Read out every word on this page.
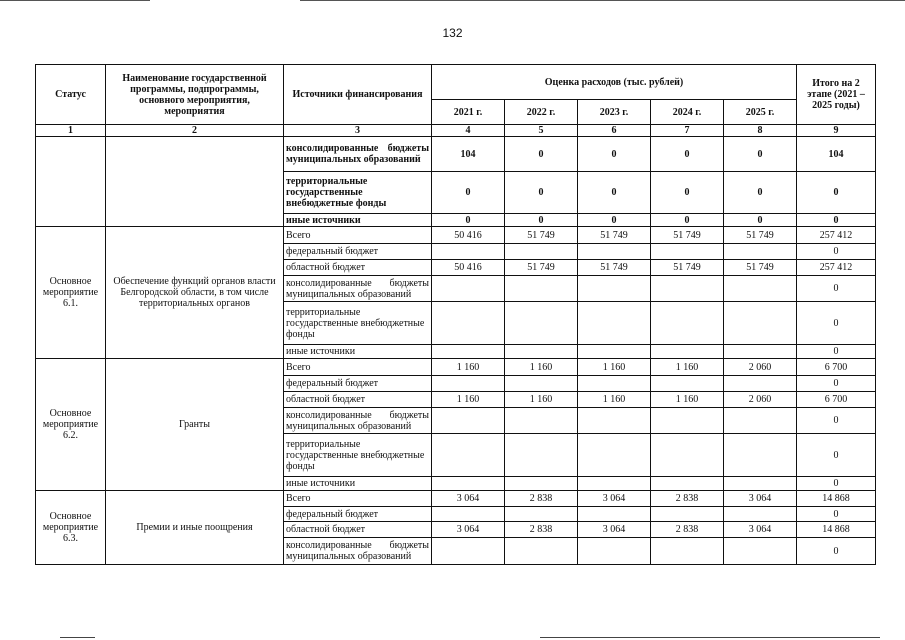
132
Статус	Наименование государственной программы, подпрограммы, основного мероприятия, мероприятия	Источники финансирования	Оценка расходов (тыс. рублей)					Итого на 2 этапе (2021 – 2025 годы)
			2021 г.	2022 г.	2023 г.	2024 г.	2025 г.	
1	2	3	4	5	6	7	8	9
		консолидированные бюджеты муниципальных образований	104	0	0	0	0	104
		территориальные государственные внебюджетные фонды	0	0	0	0	0	0
		иные источники	0	0	0	0	0	0
Основное мероприятие 6.1.	Обеспечение функций органов власти Белгородской области, в том числе территориальных органов	Всего	50 416	51 749	51 749	51 749	51 749	257 412
		федеральный бюджет						0
		областной бюджет	50 416	51 749	51 749	51 749	51 749	257 412
		консолидированные бюджеты муниципальных образований						0
		территориальные государственные внебюджетные фонды						0
		иные источники						0
Основное мероприятие 6.2.	Гранты	Всего	1 160	1 160	1 160	1 160	2 060	6 700
		федеральный бюджет						0
		областной бюджет	1 160	1 160	1 160	1 160	2 060	6 700
		консолидированные бюджеты муниципальных образований						0
		территориальные государственные внебюджетные фонды						0
		иные источники						0
Основное мероприятие 6.3.	Премии и иные поощрения	Всего	3 064	2 838	3 064	2 838	3 064	14 868
		федеральный бюджет						0
		областной бюджет	3 064	2 838	3 064	2 838	3 064	14 868
		консолидированные бюджеты муниципальных образований						0
